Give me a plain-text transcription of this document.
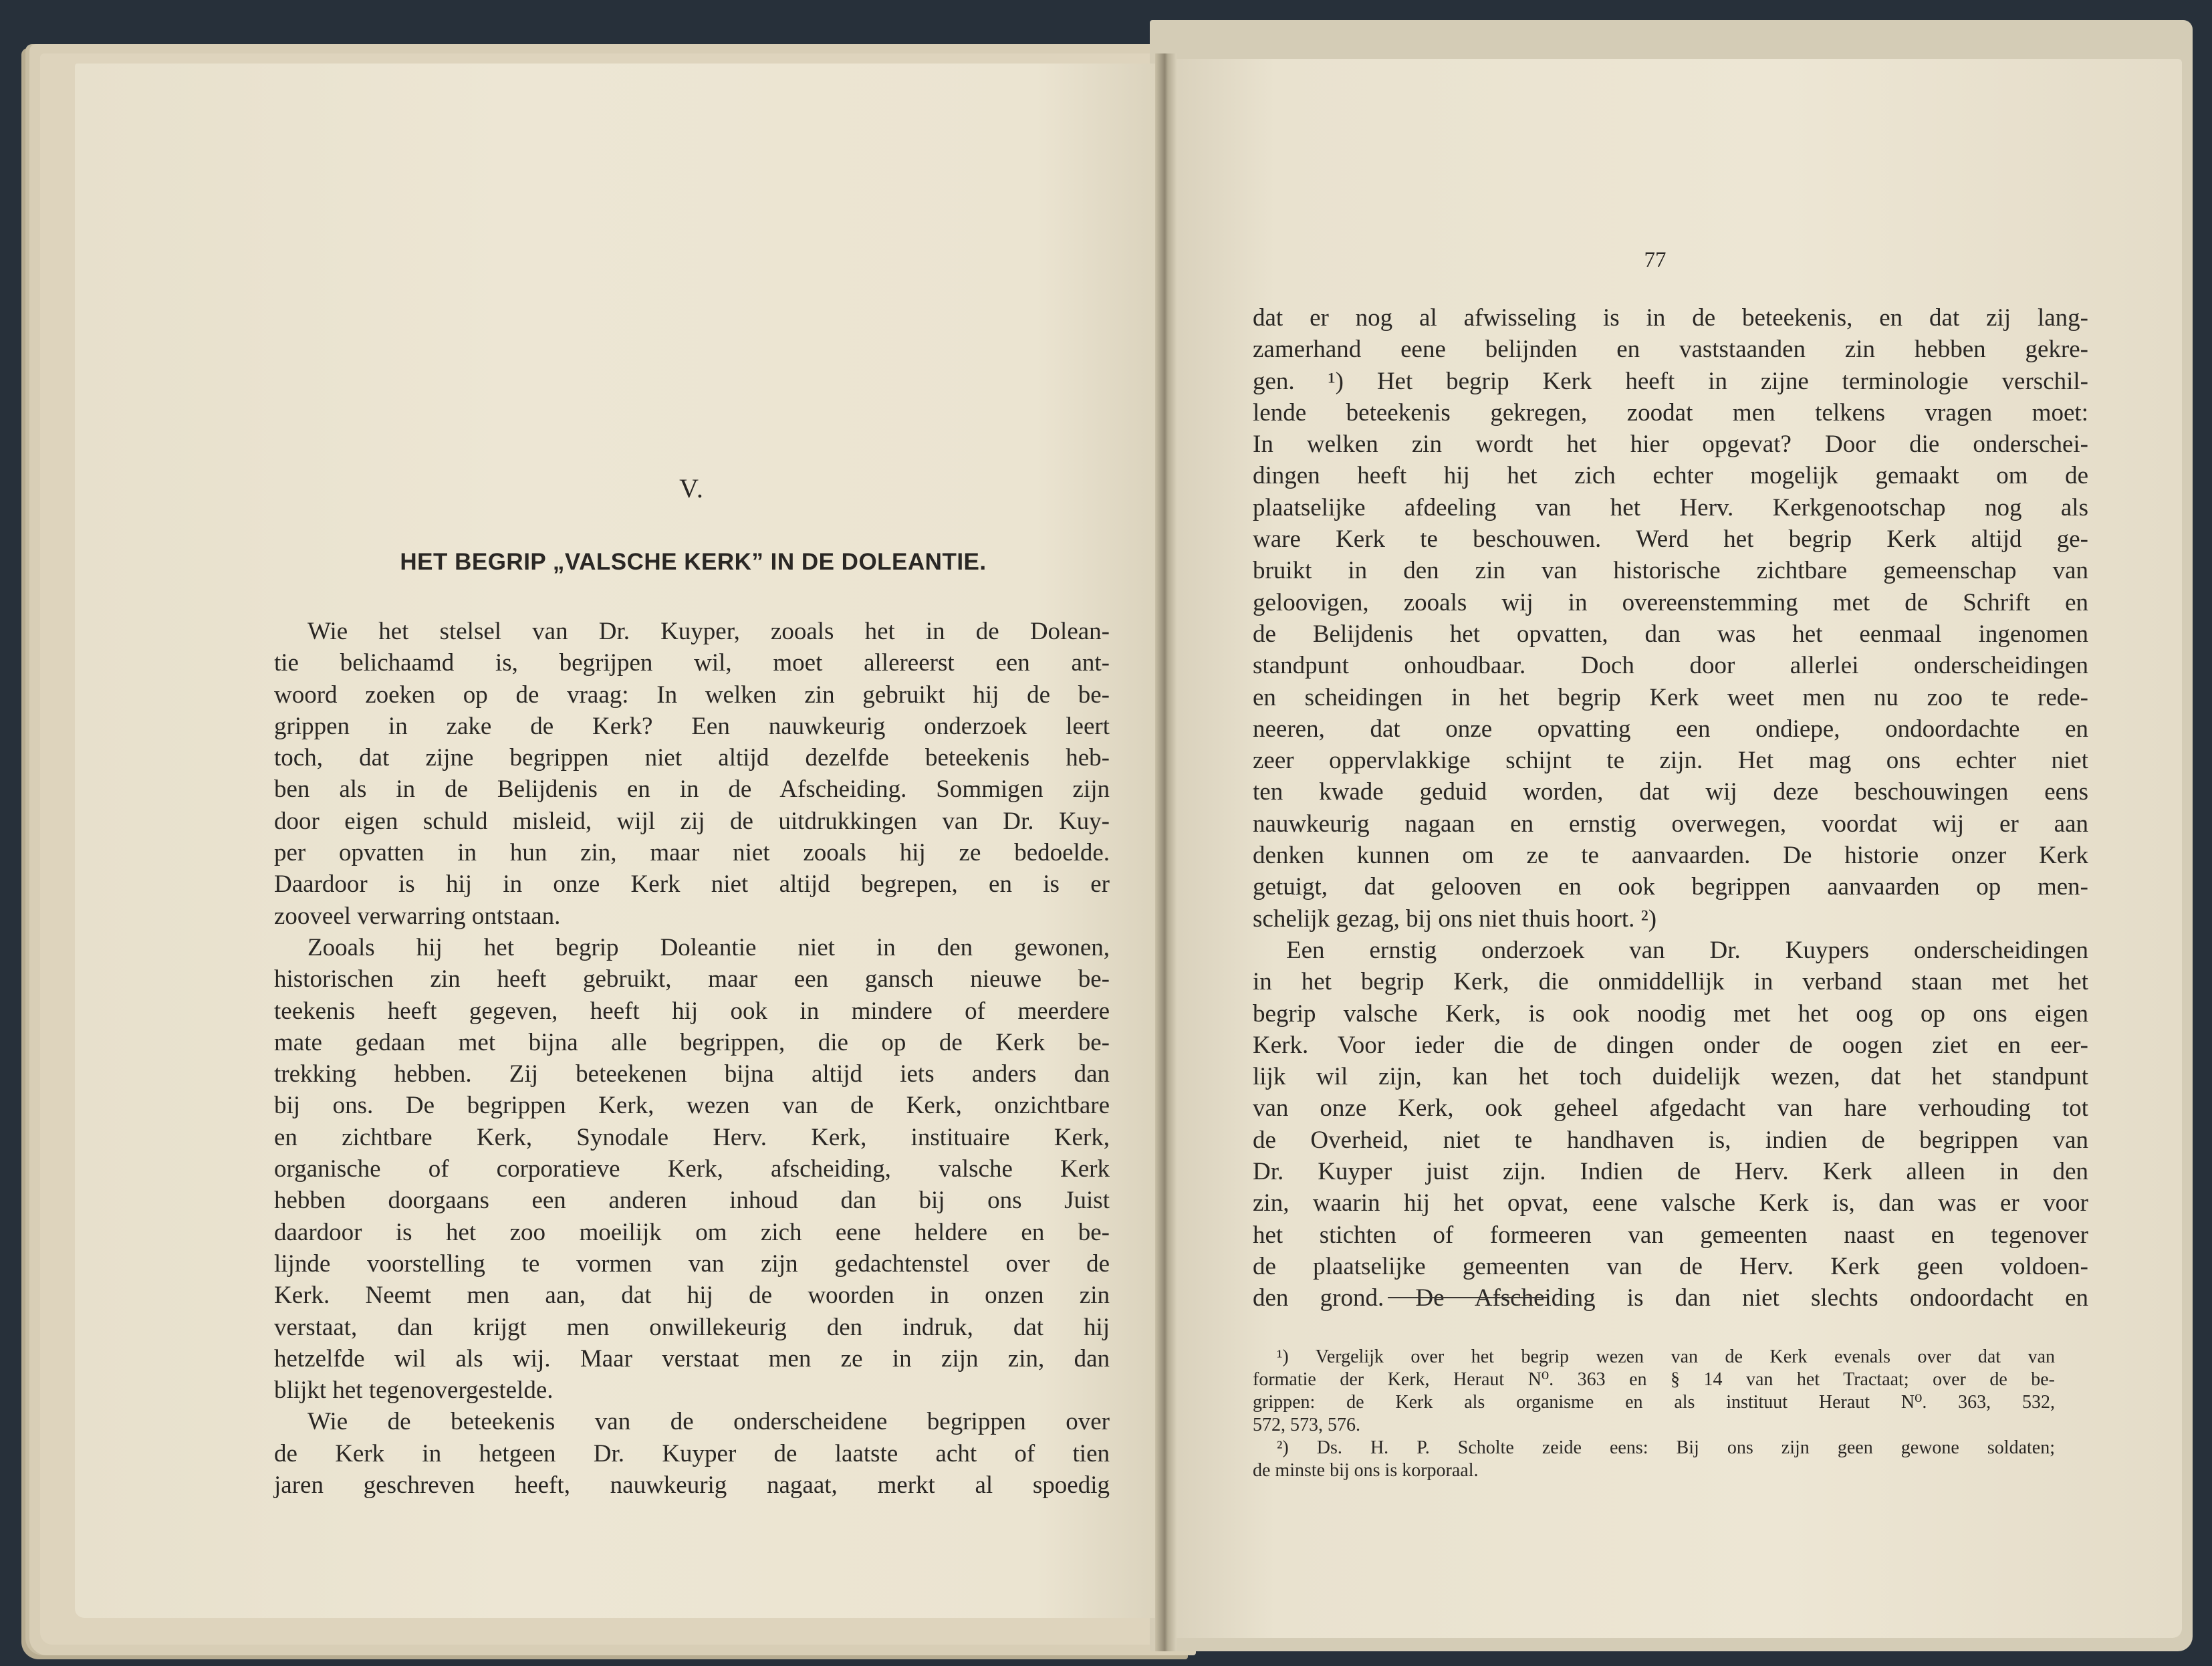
V.
HET BEGRIP „VALSCHE KERK” IN DE DOLEANTIE.
Wie het stelsel van Dr. Kuyper, zooals het in de Dolean-
tie belichaamd is, begrijpen wil, moet allereerst een ant-
woord zoeken op de vraag: In welken zin gebruikt hij de be-
grippen in zake de Kerk? Een nauwkeurig onderzoek leert
toch, dat zijne begrippen niet altijd dezelfde beteekenis heb-
ben als in de Belijdenis en in de Afscheiding. Sommigen zijn
door eigen schuld misleid, wijl zij de uitdrukkingen van Dr. Kuy-
per opvatten in hun zin, maar niet zooals hij ze bedoelde.
Daardoor is hij in onze Kerk niet altijd begrepen, en is er
zooveel verwarring ontstaan.
Zooals hij het begrip Doleantie niet in den gewonen,
historischen zin heeft gebruikt, maar een gansch nieuwe be-
teekenis heeft gegeven, heeft hij ook in mindere of meerdere
mate gedaan met bijna alle begrippen, die op de Kerk be-
trekking hebben. Zij beteekenen bijna altijd iets anders dan
bij ons. De begrippen Kerk, wezen van de Kerk, onzichtbare
en zichtbare Kerk, Synodale Herv. Kerk, instituaire Kerk,
organische of corporatieve Kerk, afscheiding, valsche Kerk
hebben doorgaans een anderen inhoud dan bij ons Juist
daardoor is het zoo moeilijk om zich eene heldere en be-
lijnde voorstelling te vormen van zijn gedachtenstel over de
Kerk. Neemt men aan, dat hij de woorden in onzen zin
verstaat, dan krijgt men onwillekeurig den indruk, dat hij
hetzelfde wil als wij. Maar verstaat men ze in zijn zin, dan
blijkt het tegenovergestelde.
Wie de beteekenis van de onderscheidene begrippen over
de Kerk in hetgeen Dr. Kuyper de laatste acht of tien
jaren geschreven heeft, nauwkeurig nagaat, merkt al spoedig
77
dat er nog al afwisseling is in de beteekenis, en dat zij lang-
zamerhand eene belijnden en vaststaanden zin hebben gekre-
gen. ¹) Het begrip Kerk heeft in zijne terminologie verschil-
lende beteekenis gekregen, zoodat men telkens vragen moet:
In welken zin wordt het hier opgevat? Door die onderschei-
dingen heeft hij het zich echter mogelijk gemaakt om de
plaatselijke afdeeling van het Herv. Kerkgenootschap nog als
ware Kerk te beschouwen. Werd het begrip Kerk altijd ge-
bruikt in den zin van historische zichtbare gemeenschap van
geloovigen, zooals wij in overeenstemming met de Schrift en
de Belijdenis het opvatten, dan was het eenmaal ingenomen
standpunt onhoudbaar. Doch door allerlei onderscheidingen
en scheidingen in het begrip Kerk weet men nu zoo te rede-
neeren, dat onze opvatting een ondiepe, ondoordachte en
zeer oppervlakkige schijnt te zijn. Het mag ons echter niet
ten kwade geduid worden, dat wij deze beschouwingen eens
nauwkeurig nagaan en ernstig overwegen, voordat wij er aan
denken kunnen om ze te aanvaarden. De historie onzer Kerk
getuigt, dat gelooven en ook begrippen aanvaarden op men-
schelijk gezag, bij ons niet thuis hoort. ²)
Een ernstig onderzoek van Dr. Kuypers onderscheidingen
in het begrip Kerk, die onmiddellijk in verband staan met het
begrip valsche Kerk, is ook noodig met het oog op ons eigen
Kerk. Voor ieder die de dingen onder de oogen ziet en eer-
lijk wil zijn, kan het toch duidelijk wezen, dat het standpunt
van onze Kerk, ook geheel afgedacht van hare verhouding tot
de Overheid, niet te handhaven is, indien de begrippen van
Dr. Kuyper juist zijn. Indien de Herv. Kerk alleen in den
zin, waarin hij het opvat, eene valsche Kerk is, dan was er voor
het stichten of formeeren van gemeenten naast en tegenover
de plaatselijke gemeenten van de Herv. Kerk geen voldoen-
den grond. De Afscheiding is dan niet slechts ondoordacht en
¹) Vergelijk over het begrip wezen van de Kerk evenals over dat van
formatie der Kerk, Heraut N⁰. 363 en § 14 van het Tractaat; over de be-
grippen: de Kerk als organisme en als instituut Heraut N⁰. 363, 532,
572, 573, 576.
²) Ds. H. P. Scholte zeide eens: Bij ons zijn geen gewone soldaten;
de minste bij ons is korporaal.
